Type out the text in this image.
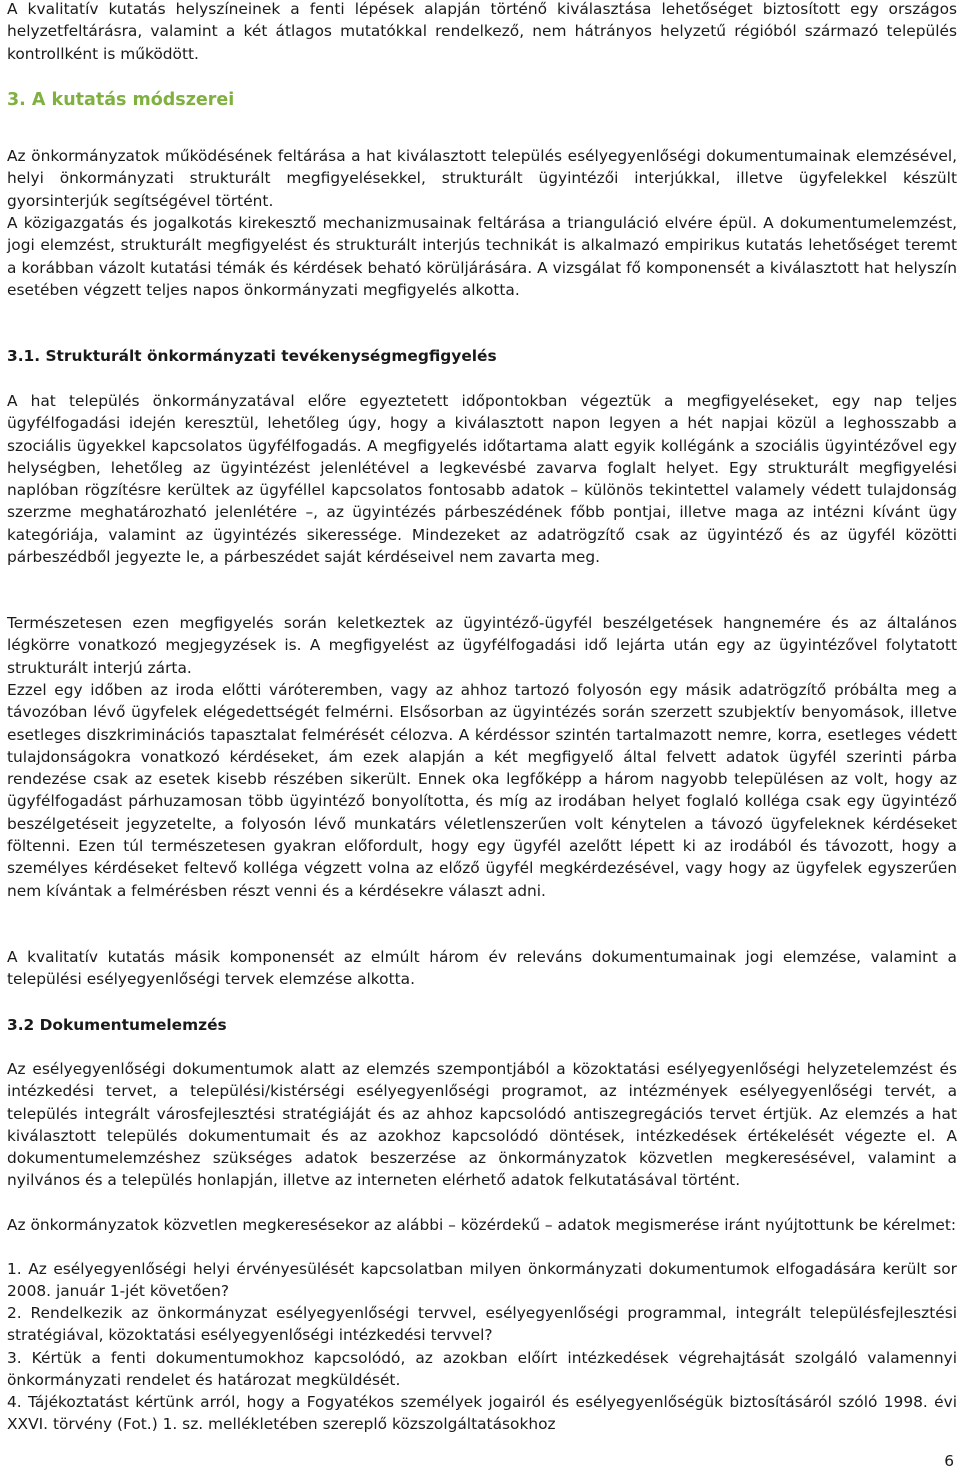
A kvalitatív kutatás helyszíneinek a fenti lépések alapján történő kiválasztása lehetőséget biztosított egy országos helyzetfeltárásra, valamint a két átlagos mutatókkal rendelkező, nem hátrányos helyzetű régióból származó település kontrollként is működött.

3. A kutatás módszerei

Az önkormányzatok működésének feltárása a hat kiválasztott település esélyegyenlőségi dokumentumainak elemzésével, helyi önkormányzati strukturált megfigyelésekkel, strukturált ügyintézői interjúkkal, illetve ügyfelekkel készült gyorsinterjúk segítségével történt.

A közigazgatás és jogalkotás kirekesztő mechanizmusainak feltárása a trianguláció elvére épül. A dokumentumelemzést, jogi elemzést, strukturált megfigyelést és strukturált interjús technikát is alkalmazó empirikus kutatás lehetőséget teremt a korábban vázolt kutatási témák és kérdések beható körüljárására. A vizsgálat fő komponensét a kiválasztott hat helyszín esetében végzett teljes napos önkormányzati megfigyelés alkotta.

3.1. Strukturált önkormányzati tevékenységmegfigyelés

A hat település önkormányzatával előre egyeztetett időpontokban végeztük a megfigyeléseket, egy nap teljes ügyfélfogadási idején keresztül, lehetőleg úgy, hogy a kiválasztott napon legyen a hét napjai közül a leghosszabb a szociális ügyekkel kapcsolatos ügyfélfogadás. A megfigyelés időtartama alatt egyik kollégánk a szociális ügyintézővel egy helységben, lehetőleg az ügyintézést jelenlétével a legkevésbé zavarva foglalt helyet. Egy strukturált megfigyelési naplóban rögzítésre kerültek az ügyféllel kapcsolatos fontosabb adatok – különös tekintettel valamely védett tulajdonság szerzme meghatározható jelenlétére –, az ügyintézés párbeszédének főbb pontjai, illetve maga az intézni kívánt ügy kategóriája, valamint az ügyintézés sikeressége. Mindezeket az adatrögzítő csak az ügyintéző és az ügyfél közötti párbeszédből jegyezte le, a párbeszédet saját kérdéseivel nem zavarta meg.

Természetesen ezen megfigyelés során keletkeztek az ügyintéző-ügyfél beszélgetések hangnemére és az általános légkörre vonatkozó megjegyzések is. A megfigyelést az ügyfélfogadási idő lejárta után egy az ügyintézővel folytatott strukturált interjú zárta.

Ezzel egy időben az iroda előtti váróteremben, vagy az ahhoz tartozó folyosón egy másik adatrögzítő próbálta meg a távozóban lévő ügyfelek elégedettségét felmérni. Elsősorban az ügyintézés során szerzett szubjektív benyomások, illetve esetleges diszkriminációs tapasztalat felmérését célozva. A kérdéssor szintén tartalmazott nemre, korra, esetleges védett tulajdonságokra vonatkozó kérdéseket, ám ezek alapján a két megfigyelő által felvett adatok ügyfél szerinti párba rendezése csak az esetek kisebb részében sikerült. Ennek oka legfőképp a három nagyobb településen az volt, hogy az ügyfélfogadást párhuzamosan több ügyintéző bonyolította, és míg az irodában helyet foglaló kollégа csak egy ügyintéző beszélgetéseit jegyzetelte, a folyosón lévő munkatárs véletlenszerűen volt kénytelen a távozó ügyfeleknek kérdéseket föltenni. Ezen túl természetesen gyakran előfordult, hogy egy ügyfél azelőtt lépett ki az irodából és távozott, hogy a személyes kérdéseket feltevő kolléga végzett volna az előző ügyfél megkérdezésével, vagy hogy az ügyfelek egyszerűen nem kívántak a felmérésben részt venni és a kérdésekre választ adni.

A kvalitatív kutatás másik komponensét az elmúlt három év releváns dokumentumainak jogi elemzése, valamint a települési esélyegyenlőségi tervek elemzése alkotta.

3.2 Dokumentumelemzés

Az esélyegyenlőségi dokumentumok alatt az elemzés szempontjából a közoktatási esélyegyenlőségi helyzetelemzést és intézkedési tervet, a települési/kistérségi esélyegyenlőségi programot, az intézmények esélyegyenlőségi tervét, a település integrált városfejlesztési stratégiáját és az ahhoz kapcsolódó antiszegregációs tervet értjük. Az elemzés a hat kiválasztott település dokumentumait és az azokhoz kapcsolódó döntések, intézkedések értékelését végezte el. A dokumentumelemzéshez szükséges adatok beszerzése az önkormányzatok közvetlen megkeresésével, valamint a nyilvános és a település honlapján, illetve az interneten elérhető adatok felkutatásával történt.

Az önkormányzatok közvetlen megkeresésekor az alábbi – közérdekű – adatok megismerése iránt nyújtottunk be kérelmet:

1. Az esélyegyenlőségi helyi érvényesülését kapcsolatban milyen önkormányzati dokumentumok elfogadására került sor 2008. január 1-jét követően?

2. Rendelkezik az önkormányzat esélyegyenlőségi tervvel, esélyegyenlőségi programmal, integrált településfejlesztési stratégiával, közoktatási esélyegyenlőségi intézkedési tervvel?

3. Kértük a fenti dokumentumokhoz kapcsolódó, az azokban előírt intézkedések végrehajtását szolgáló valamennyi önkormányzati rendelet és határozat megküldését.

4. Tájékoztatást kértünk arról, hogy a Fogyatékos személyek jogairól és esélyegyenlőségük biztosításáról szóló 1998. évi XXVI. törvény (Fot.) 1. sz. mellékletében szereplő közszolgáltatásokhoz

6
